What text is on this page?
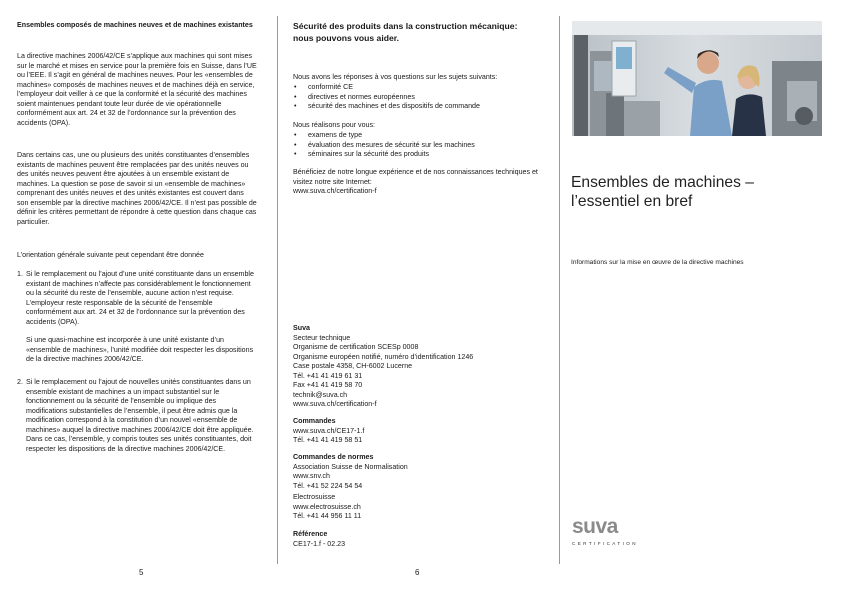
Ensembles composés de machines neuves et de machines existantes

La directive machines 2006/42/CE s’applique aux machines qui sont mises sur le marché et mises en service pour la première fois en Suisse, dans l’UE ou l’EEE. Il s’agit en général de machines neuves. Pour les «ensembles de machines» composés de machines neuves et de machines déjà en service, l’employeur doit veiller à ce que la conformité et la sécurité des machines soient maintenues pendant toute leur durée de vie opérationnelle conformément aux art. 24 et 32 de l’ordonnance sur la prévention des accidents (OPA).

Dans certains cas, une ou plusieurs des unités constituantes d’ensembles existants de machines peuvent être remplacées par des unités neuves ou des unités neuves peuvent être ajoutées à un ensemble existant de machines. La question se pose de savoir si un «ensemble de machines» comprenant des unités neuves et des unités existantes est couvert dans son ensemble par la directive machines 2006/42/CE. Il n’est pas possible de définir les critères permettant de répondre à cette question dans chaque cas particulier.

L’orientation générale suivante peut cependant être donnée

1. Si le remplacement ou l’ajout d’une unité constituante dans un ensemble existant de machines n’affecte pas considérablement le fonctionnement ou la sécurité du reste de l’ensemble, aucune action n’est requise. L’employeur reste responsable de la sécurité de l’ensemble conformément aux art. 24 et 32 de l’ordonnance sur la prévention des accidents (OPA).

Si une quasi-machine est incorporée à une unité existante d’un «ensemble de machines», l’unité modifiée doit respecter les dispositions de la directive machines 2006/42/CE.

2. Si le remplacement ou l’ajout de nouvelles unités constituantes dans un ensemble existant de machines a un impact substantiel sur le fonctionnement ou la sécurité de l’ensemble ou implique des modifications substantielles de l’ensemble, il peut être admis que la modification correspond à la constitution d’un nouvel «ensemble de machines» auquel la directive machines 2006/42/CE doit être appliquée. Dans ce cas, l’ensemble, y compris toutes ses unités constituantes, doit respecter les dispositions de la directive machines 2006/42/CE.

5
Sécurité des produits dans la construction mécanique:
nous pouvons vous aider.

Nous avons les réponses à vos questions sur les sujets suivants:

• conformité CE
• directives et normes européennes
• sécurité des machines et des dispositifs de commande

Nous réalisons pour vous:

• examens de type
• évaluation des mesures de sécurité sur les machines
• séminaires sur la sécurité des produits

Bénéficiez de notre longue expérience et de nos connaissances techniques et visitez notre site Internet:

www.suva.ch/certification-f
Suva
Secteur technique
Organisme de certification SCESp 0008
Organisme européen notifié, numéro d’identification 1246
Case postale 4358, CH-6002 Lucerne
Tél. +41 41 419 61 31
Fax +41 41 419 58 70
technik@suva.ch
www.suva.ch/certification-f
Commandes
www.suva.ch/CE17-1.f
Tél. +41 41 419 58 51
Commandes de normes
Association Suisse de Normalisation
www.snv.ch
Tél. +41 52 224 54 54
Electrosuisse
www.electrosuisse.ch
Tél. +41 44 956 11 11
Référence
CE17-1.f - 02.23
6
Ensembles de machines –
l’essentiel en bref
Informations sur la mise en œuvre de la directive machines
suva
CERTIFICATION
